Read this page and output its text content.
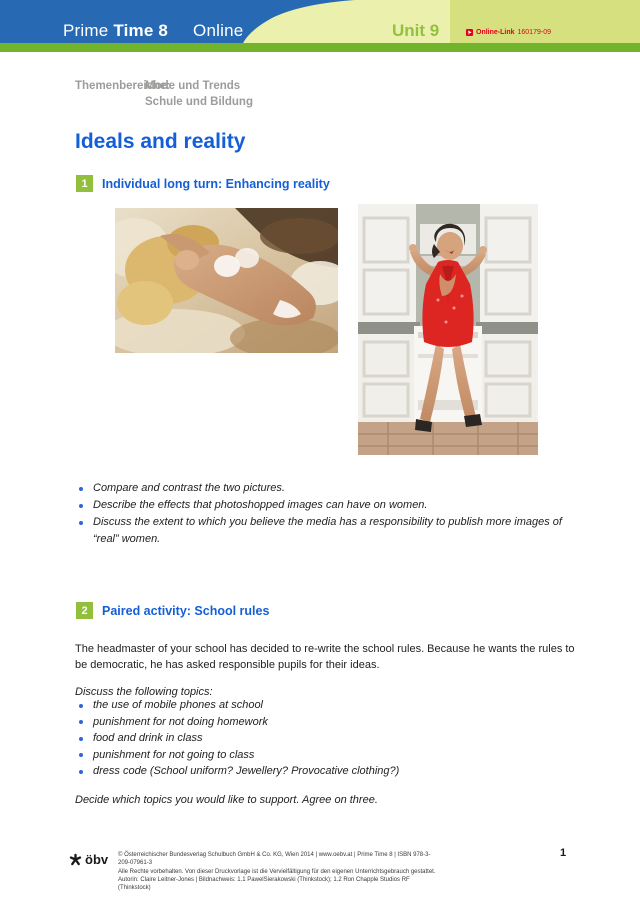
Prime Time 8 Online	Unit 9	Online-Link 160179-09
Themenbereiche:
Mode und Trends
Schule und Bildung
Ideals and reality
1	Individual long turn: Enhancing reality
Compare and contrast the two pictures.
Describe the effects that photoshopped images can have on women.
Discuss the extent to which you believe the media has a responsibility to publish more images of “real” women.
2	Paired activity: School rules

The headmaster of your school has decided to re-write the school rules. Because he wants the rules to be democratic, he has asked responsible pupils for their ideas.

Discuss the following topics:

the use of mobile phones at school
punishment for not doing homework
food and drink in class
punishment for not going to class
dress code (School uniform? Jewellery? Provocative clothing?)

Decide which topics you would like to support. Agree on three.

öbv © Österreichischer Bundesverlag Schulbuch GmbH & Co. KG, Wien 2014 | www.oebv.at | Prime Time 8 | ISBN 978-3-209-07961-3
Alle Rechte vorbehalten. Von dieser Druckvorlage ist die Vervielfältigung für den eigenen Unterrichtsgebrauch gestattet.
Autorin: Claire Leitner-Jones | Bildnachweis: 1.1 PawelSierakowski (Thinkstock); 1.2 Ron Chapple Studios RF (Thinkstock)
1
